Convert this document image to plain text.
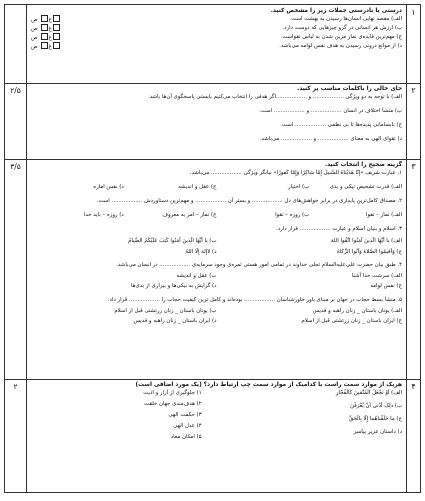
۱
درستی یا نادرستی جملات زیر را مشخص کنید.
الف) مقصد نهایی انسان‌ها رسیدن به بهشت است.
غ ص
ب) ارزش هر انسانی در گرو چیزهایی که دوست دارد.
غ ص
ج) مهم‌ترین فایده‌ی نماز مزین شدن به لباس تقواست.
غ ص
د) از موانع درونی رسیدن به هدف نفس لوامه می‌باشد.
غ ص
۲
۲/۵	جای خالی را باکلمات مناسب پر کنید.
الف) با توجه به دو ویژگی .................. و ..................اگر هدفی را انتخاب می‌کنیم بایستی پاسخگوی آن‌ها باشد.
ب) منشأ اختلاف در انسان .................. و .................. است.
ج) نابسامانی پدیده‌ها تا بی نظمی .................. است.
د) تقوای الهی به معنای .................. و .................. می‌باشد.
۳
۳/۵	گزینه صحیح را انتخاب کنید.
۱. عبارت شریف «إِنّا هَدَیْناهُ السَّبیلَ إِمّا شاکِرًا وَإِمّا کَفورًا» بیانگر ویژگی .................. می‌باشد.
الف) قدرت تشخیص نیکی و بدی
ب) اختیار
ج) عقل و اندیشه
د) نفس اماره
۲. مصداق کامل‌ترین پایداری در برابر خواهش‌های دل .................. و بستر آن .................. و مهم‌ترین دستاوردش .................. است.
الف) نماز – تقوا
ب) روزه – تقوا
ج) نماز – امر به معروف
د) روزه – باید خدا
۳. اسلام و بنیان اسلام و عبارت .................. قرار دارد.
الف) یا أَیُّهَا الَّذینَ آمَنُوا اتَّقُوا اللهَ
ب) یا أَیُّهَا الَّذینَ آمَنُوا کُتِبَ عَلَیْکُمُ الصِّیامُ
ج) وَأَقیمُوا الصَّلاةَ وَآتُوا الزَّکاةَ
د) لاإِلهَ إِلَّا اللهُ
۴. طبق بیان حضرت علی‌علیه‌السلام تجلی خداوند در تمامی امور هستی ثمره‌ی وجود سرمایه‌ی .................. در انسان می‌باشد.
الف) سرشت خدا آشنا
ب) عقل و اندیشه
ج) نفس لوامه
د) گرایش به نیکی‌ها و بیزاری از بدی‌ها
۵. منشأ بسط حجاب در جهان بر مبنای باور خاورشناسان .................. بوده‌اند و کامل ترین کیفیت حجاب را .................. قرار داد.
الف) یونان باستان _ زنان راهبه و قدیس
ب) یونان باستان _ زنان زرتشتی قبل از اسلام
ج) ایران باستان _ زنان زرتشتی قبل از اسلام
د) ایران باستان _ زنان راهبه و قدیس
۴
۲	هریک از موارد سمت راست با کدامیک از موارد سمت چپ ارتباط دارد؟ (یک مورد اضافی است)
الف) أَوْ نَجْعَلُ الْمُتَّقینَ کَالْفُجّارِ
ب) ذلِکَ أَدْنی أَنْ یُعْرَفْنَ
ج) ما خَلَقْناهُما إِلّا بِالْحَقِّ
د) داستان عزیر پیامبر
۱) جلوگیری از آزار و اذیت
۲) هدف‌مندی جهان خلقت
۳) حکمت الهی
۴) عدل الهی
۵) امکان معاد
